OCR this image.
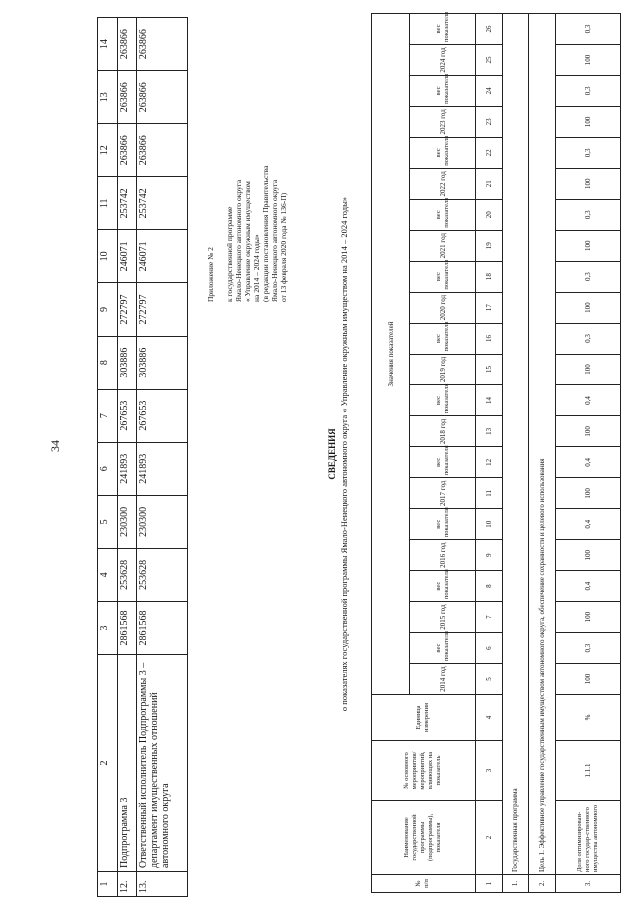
34
1	2	3	4	5	6	7	8	9	10	11	12	13	14
12.	Подпрограмма 3	2861568	253628	230300	241893	267653	303886	272797	246071	253742	263866	263866	263866
13.	Ответственный исполнитель Подпрограммы 3 – департамент имущественных отношений автономного округа	2861568	253628	230300	241893	267653	303886	272797	246071	253742	263866	263866	263866
Приложение № 2 к государственной программе Ямало-Ненецкого автономного округа « Управление окружным имуществом на 2014 – 2024 годы» (в редакции постановления Правительства Ямало-Ненецкого автономного округа от 13 февраля 2020 года № 136-П)
СВЕДЕНИЯ о показателях государственной программы Ямало-Ненецкого автономного округа « Управление окружным имуществом на 2014 – 2024 годы»
№ п/п	Наименование государственной программы (подпрограммы), показателя	№ основного мероприятия/мероприятий, влияющих на показатель	Единица измерения	Значения показателей																					
				2014 год	вес показателя	2015 год	вес показателя	2016 год	вес показателя	2017 год	вес показателя	2018 год	вес показателя	2019 год	вес показателя	2020 год	вес показателя	2021 год	вес показателя	2022 год	вес показателя	2023 год	вес показателя	2024 год	вес показателя
1	2	3	4	5	6	7	8	9	10	11	12	13	14	15	16	17	18	19	20	21	22	23	24	25	26
1.	Государственная программа																								
2.	Цель 1. Эффективное управление государственным имуществом автономного округа, обеспечение сохранности и целевого использования																								
3.	Доля оптимизирован-ного государ-ственного имущества автономного	1.1.1	%	100	0,3	100	0,4	100	0,4	100	0,4	100	0,4	100	0,3	100	0,3	100	0,3	100	0,3	100	0,3	100	0,3
